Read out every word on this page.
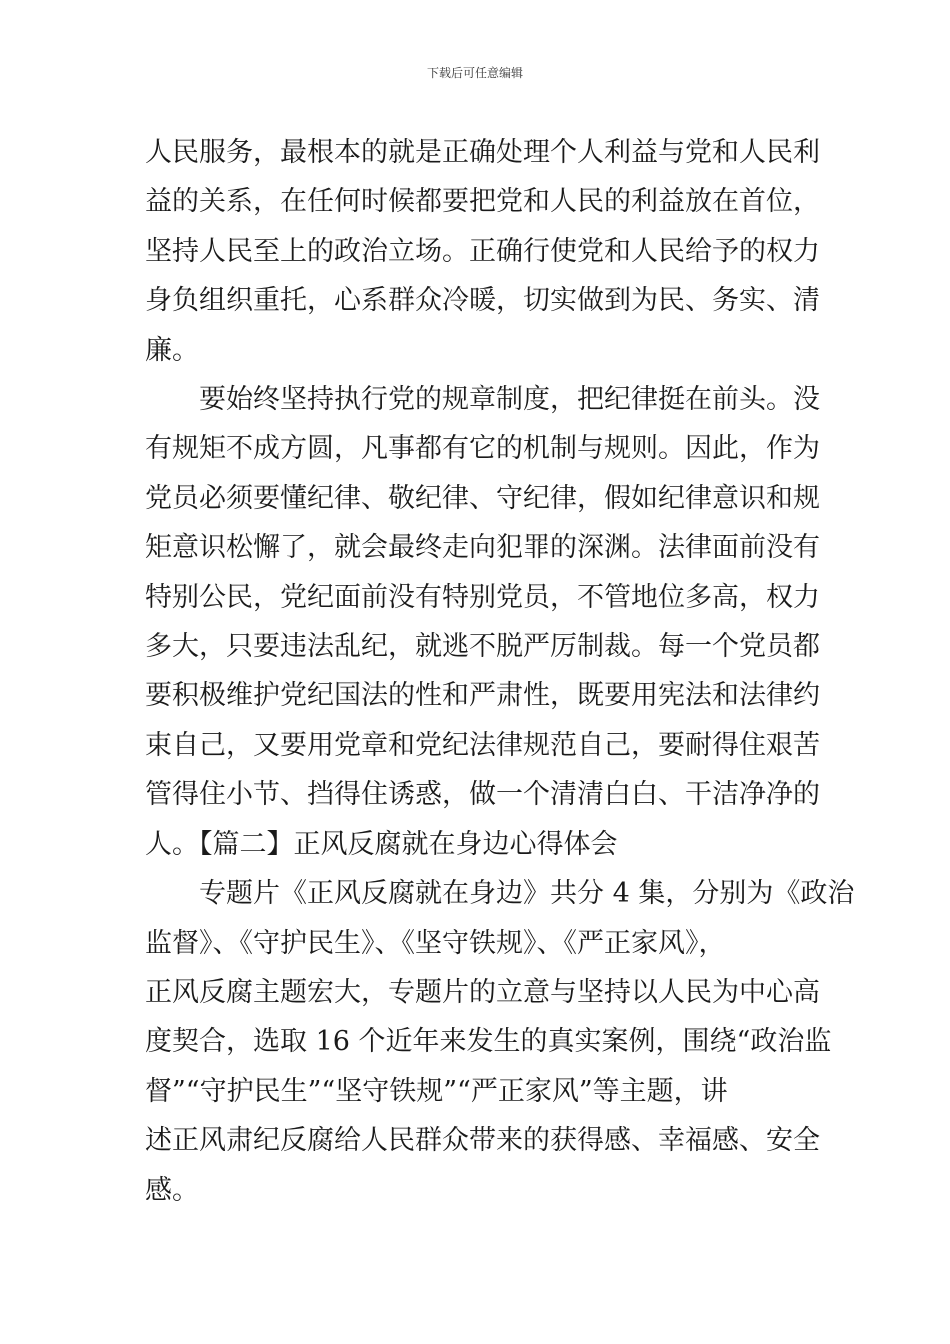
下载后可任意编辑

人民服务，最根本的就是正确处理个人利益与党和人民利
益的关系，在任何时候都要把党和人民的利益放在首位，
坚持人民至上的政治立场。正确行使党和人民给予的权力
身负组织重托，心系群众冷暖，切实做到为民、务实、清
廉。

要始终坚持执行党的规章制度，把纪律挺在前头。没
有规矩不成方圆，凡事都有它的机制与规则。因此，作为
党员必须要懂纪律、敬纪律、守纪律，假如纪律意识和规
矩意识松懈了，就会最终走向犯罪的深渊。法律面前没有
特别公民，党纪面前没有特别党员，不管地位多高，权力
多大，只要违法乱纪，就逃不脱严厉制裁。每一个党员都
要积极维护党纪国法的性和严肃性，既要用宪法和法律约
束自己，又要用党章和党纪法律规范自己，要耐得住艰苦
管得住小节、挡得住诱惑，做一个清清白白、干洁净净的
人。【篇二】正风反腐就在身边心得体会

专题片《正风反腐就在身边》共分 4 集，分别为《政治
监督》、《守护民生》、《坚守铁规》、《严正家风》，
正风反腐主题宏大，专题片的立意与坚持以人民为中心高
度契合，选取 16 个近年来发生的真实案例，围绕“政治监
督”“守护民生”“坚守铁规”“严正家风”等主题，讲
述正风肃纪反腐给人民群众带来的获得感、幸福感、安全
感。
